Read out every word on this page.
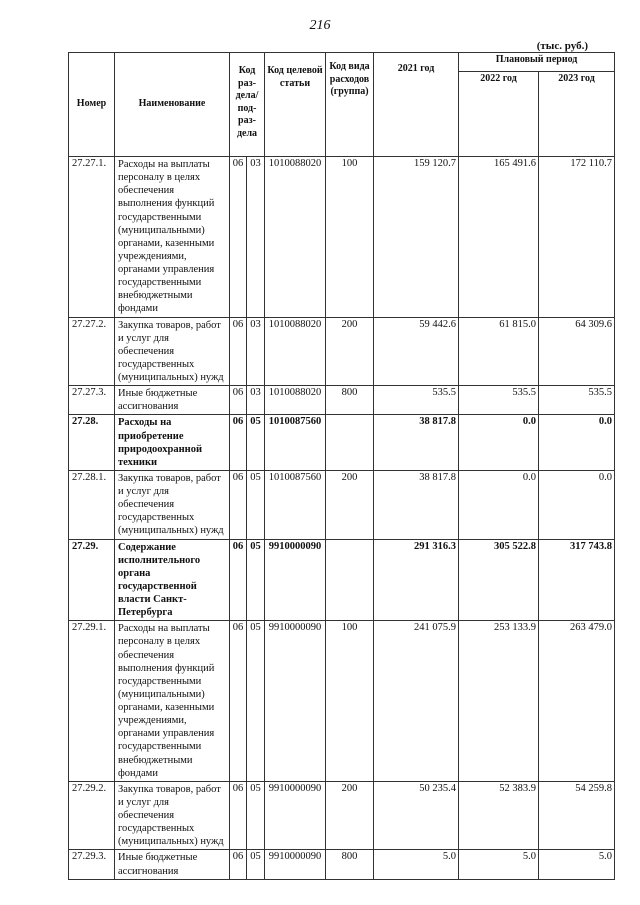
216
(тыс. руб.)
Номер	Наименование	Код раз-дела/ под-раз-дела		Код целевой статьи	Код вида расходов (группа)	2021 год	Плановый период	
							2022 год	2023 год
27.27.1.	Расходы на выплаты персоналу в целях обеспечения выполнения функций государственными (муниципальными) органами, казенными учреждениями, органами управления государственными внебюджетными фондами	06	03	1010088020	100	159 120.7	165 491.6	172 110.7
27.27.2.	Закупка товаров, работ и услуг для обеспечения государственных (муниципальных) нужд	06	03	1010088020	200	59 442.6	61 815.0	64 309.6
27.27.3.	Иные бюджетные ассигнования	06	03	1010088020	800	535.5	535.5	535.5
27.28.	Расходы на приобретение природоохранной техники	06	05	1010087560		38 817.8	0.0	0.0
27.28.1.	Закупка товаров, работ и услуг для обеспечения государственных (муниципальных) нужд	06	05	1010087560	200	38 817.8	0.0	0.0
27.29.	Содержание исполнительного органа государственной власти Санкт-Петербурга	06	05	9910000090		291 316.3	305 522.8	317 743.8
27.29.1.	Расходы на выплаты персоналу в целях обеспечения выполнения функций государственными (муниципальными) органами, казенными учреждениями, органами управления государственными внебюджетными фондами	06	05	9910000090	100	241 075.9	253 133.9	263 479.0
27.29.2.	Закупка товаров, работ и услуг для обеспечения государственных (муниципальных) нужд	06	05	9910000090	200	50 235.4	52 383.9	54 259.8
27.29.3.	Иные бюджетные ассигнования	06	05	9910000090	800	5.0	5.0	5.0
